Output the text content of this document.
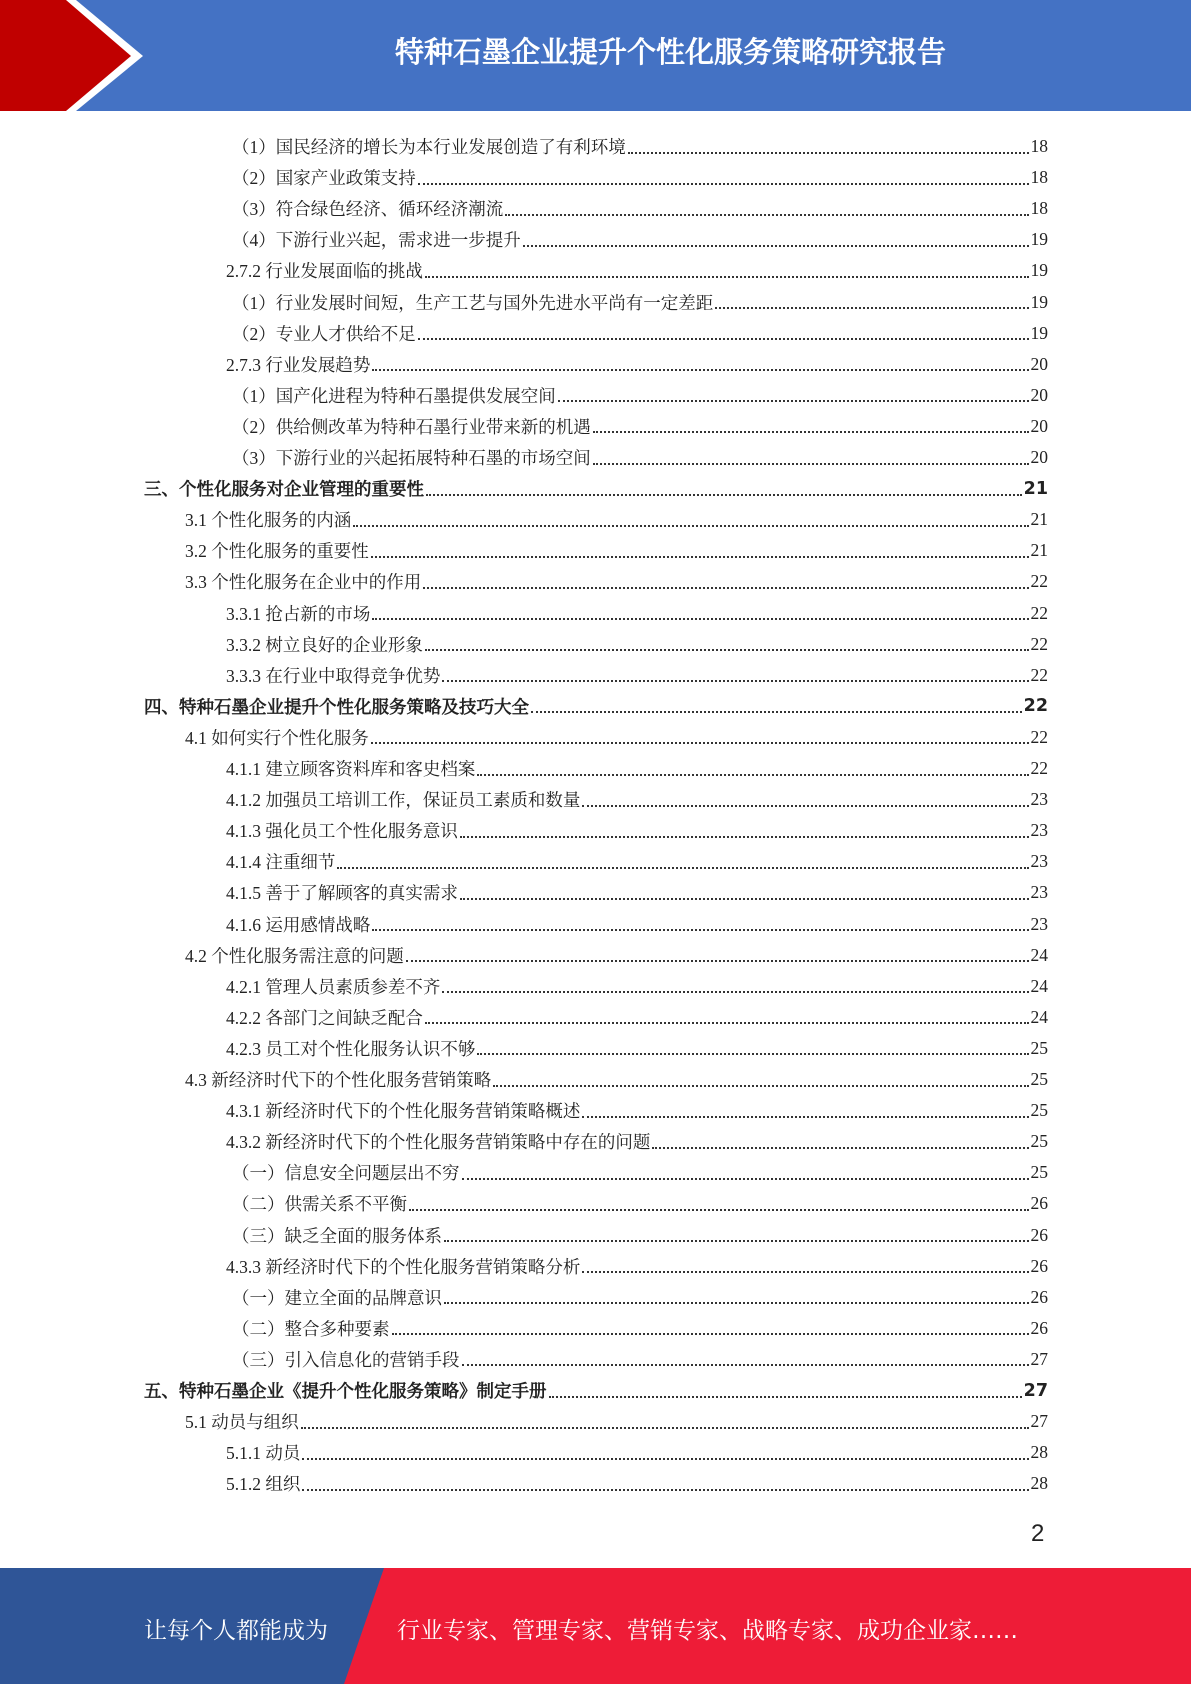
特种石墨企业提升个性化服务策略研究报告
（1）国民经济的增长为本行业发展创造了有利环境	18
（2）国家产业政策支持	18
（3）符合绿色经济、循环经济潮流	18
（4）下游行业兴起，需求进一步提升	19
2.7.2 行业发展面临的挑战	19
（1）行业发展时间短，生产工艺与国外先进水平尚有一定差距	19
（2）专业人才供给不足	19
2.7.3 行业发展趋势	20
（1）国产化进程为特种石墨提供发展空间	20
（2）供给侧改革为特种石墨行业带来新的机遇	20
（3）下游行业的兴起拓展特种石墨的市场空间	20
三、个性化服务对企业管理的重要性	21
3.1 个性化服务的内涵	21
3.2 个性化服务的重要性	21
3.3 个性化服务在企业中的作用	22
3.3.1 抢占新的市场	22
3.3.2 树立良好的企业形象	22
3.3.3 在行业中取得竞争优势	22
四、特种石墨企业提升个性化服务策略及技巧大全	22
4.1 如何实行个性化服务	22
4.1.1 建立顾客资料库和客史档案	22
4.1.2 加强员工培训工作，保证员工素质和数量	23
4.1.3 强化员工个性化服务意识	23
4.1.4 注重细节	23
4.1.5 善于了解顾客的真实需求	23
4.1.6 运用感情战略	23
4.2 个性化服务需注意的问题	24
4.2.1 管理人员素质参差不齐	24
4.2.2 各部门之间缺乏配合	24
4.2.3 员工对个性化服务认识不够	25
4.3 新经济时代下的个性化服务营销策略	25
4.3.1 新经济时代下的个性化服务营销策略概述	25
4.3.2 新经济时代下的个性化服务营销策略中存在的问题	25
（一）信息安全问题层出不穷	25
（二）供需关系不平衡	26
（三）缺乏全面的服务体系	26
4.3.3 新经济时代下的个性化服务营销策略分析	26
（一）建立全面的品牌意识	26
（二）整合多种要素	26
（三）引入信息化的营销手段	27
五、特种石墨企业《提升个性化服务策略》制定手册	27
5.1 动员与组织	27
5.1.1 动员	28
5.1.2 组织	28
2
让每个人都能成为	行业专家、管理专家、营销专家、战略专家、成功企业家……
